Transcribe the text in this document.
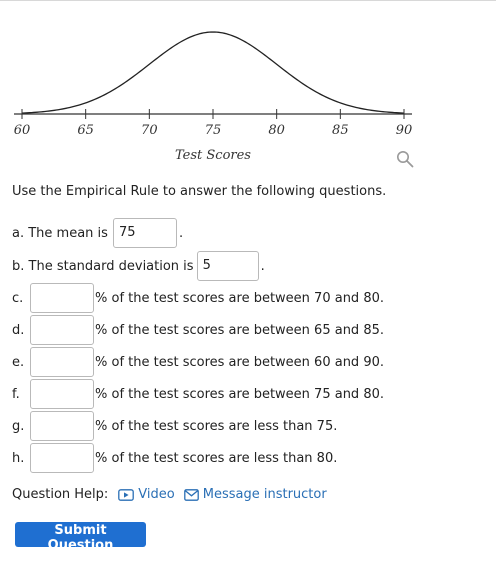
60	65	70	75	80	85	90
Test Scores
Use the Empirical Rule to answer the following questions.
a. The mean is 75	.
b. The standard deviation is 5	.
c.	% of the test scores are between 70 and 80.
d.	% of the test scores are between 65 and 85.
e.	% of the test scores are between 60 and 90.
f.	% of the test scores are between 75 and 80.
g.	% of the test scores are less than 75.
h.	% of the test scores are less than 80.
Question Help: Video Message instructor
Submit Question
